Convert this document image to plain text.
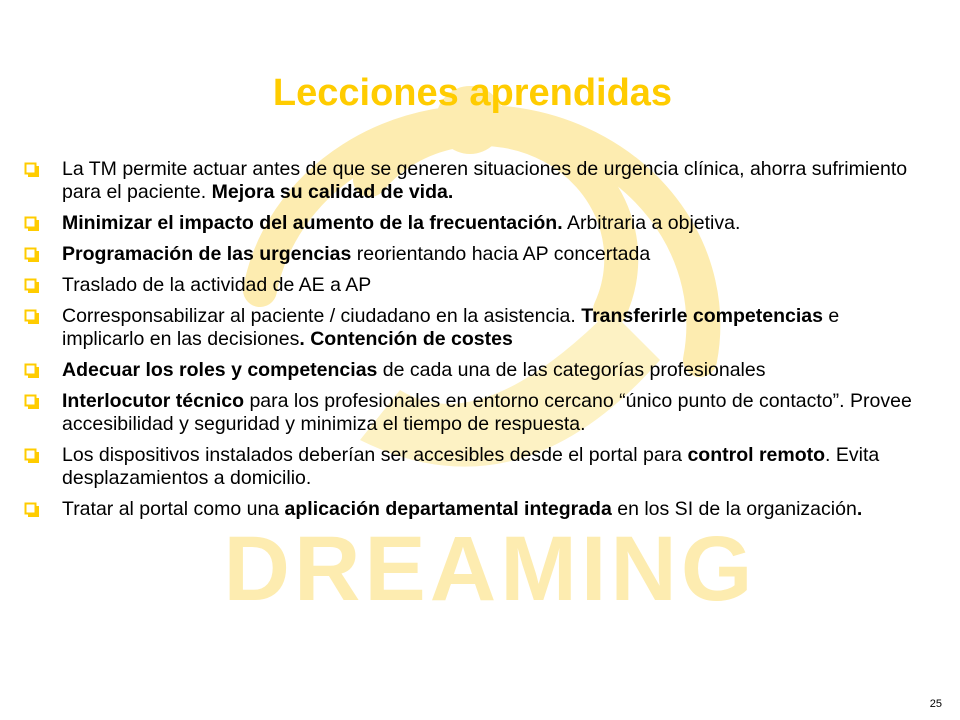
DREAMING
Lecciones aprendidas
La TM permite actuar antes de que se generen situaciones de urgencia clínica, ahorra sufrimiento para el paciente. Mejora su calidad de vida.
Minimizar el impacto del aumento de la frecuentación. Arbitraria a objetiva.
Programación de las urgencias reorientando hacia AP concertada
Traslado de la actividad de AE a AP
Corresponsabilizar al paciente / ciudadano en la asistencia. Transferirle competencias e implicarlo en las decisiones. Contención de costes
Adecuar los roles y competencias de cada una de las categorías profesionales
Interlocutor técnico para los profesionales en entorno cercano “único punto de contacto”. Provee accesibilidad y seguridad y minimiza el tiempo de respuesta.
Los dispositivos instalados deberían ser accesibles desde el portal para control remoto. Evita desplazamientos a domicilio.
Tratar al portal como una aplicación departamental integrada en los SI de la organización.
25
